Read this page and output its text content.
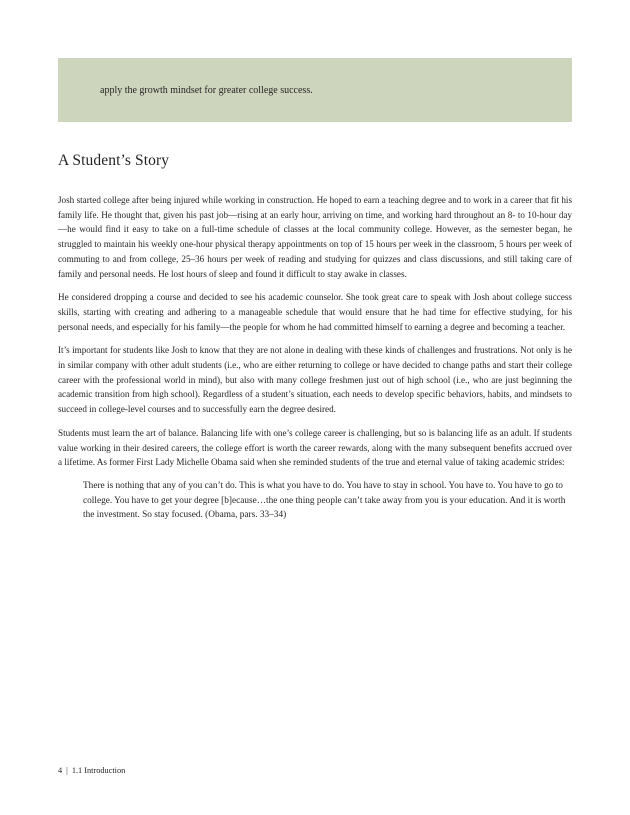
apply the growth mindset for greater college success.
A Student’s Story

Josh started college after being injured while working in construction. He hoped to earn a teaching degree and to work in a career that fit his family life. He thought that, given his past job—rising at an early hour, arriving on time, and working hard throughout an 8- to 10-hour day—he would find it easy to take on a full-time schedule of classes at the local community college. However, as the semester began, he struggled to maintain his weekly one-hour physical therapy appointments on top of 15 hours per week in the classroom, 5 hours per week of commuting to and from college, 25–36 hours per week of reading and studying for quizzes and class discussions, and still taking care of family and personal needs. He lost hours of sleep and found it difficult to stay awake in classes.

He considered dropping a course and decided to see his academic counselor. She took great care to speak with Josh about college success skills, starting with creating and adhering to a manageable schedule that would ensure that he had time for effective studying, for his personal needs, and especially for his family—the people for whom he had committed himself to earning a degree and becoming a teacher.

It’s important for students like Josh to know that they are not alone in dealing with these kinds of challenges and frustrations. Not only is he in similar company with other adult students (i.e., who are either returning to college or have decided to change paths and start their college career with the professional world in mind), but also with many college freshmen just out of high school (i.e., who are just beginning the academic transition from high school). Regardless of a student’s situation, each needs to develop specific behaviors, habits, and mindsets to succeed in college-level courses and to successfully earn the degree desired.

Students must learn the art of balance. Balancing life with one’s college career is challenging, but so is balancing life as an adult. If students value working in their desired careers, the college effort is worth the career rewards, along with the many subsequent benefits accrued over a lifetime. As former First Lady Michelle Obama said when she reminded students of the true and eternal value of taking academic strides:

There is nothing that any of you can’t do. This is what you have to do. You have to stay in school. You have to. You have to go to college. You have to get your degree [b]ecause…the one thing people can’t take away from you is your education. And it is worth the investment. So stay focused. (Obama, pars. 33–34)
4 | 1.1 Introduction
